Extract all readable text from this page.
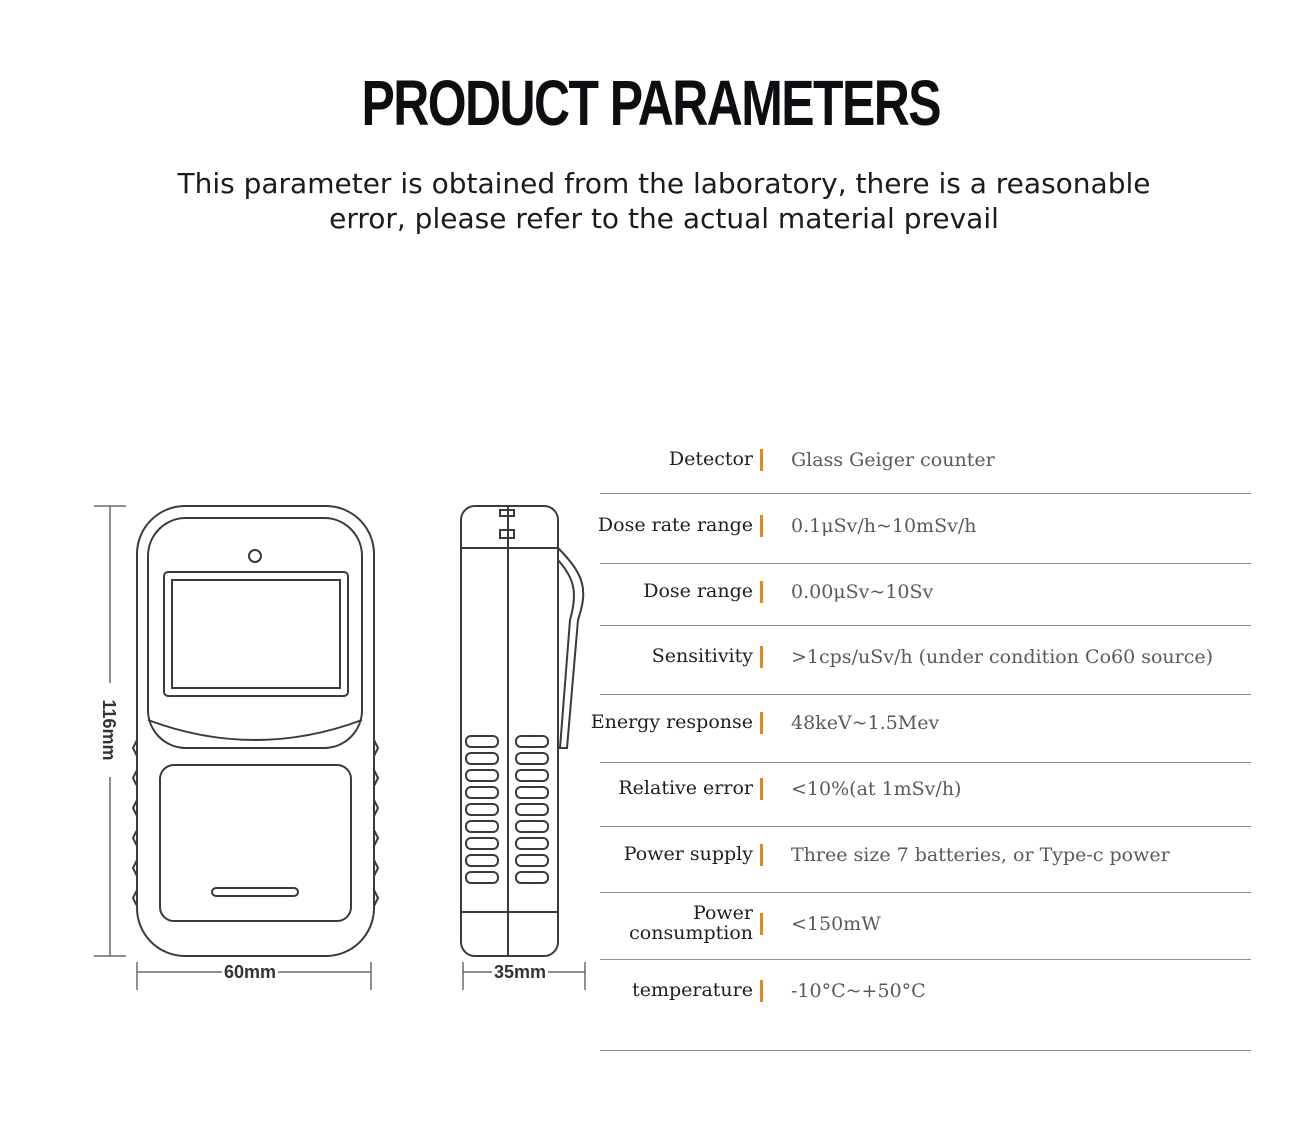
PRODUCT PARAMETERS
This parameter is obtained from the laboratory, there is a reasonable error, please refer to the actual material prevail
116mm
60mm	35mm
Detector Glass Geiger counter
Dose rate range 0.1μSv/h~10mSv/h
Dose range 0.00μSv~10Sv
Sensitivity >1cps/uSv/h (under condition Co60 source)
Energy response 48keV~1.5Mev
Relative error <10%(at 1mSv/h)
Power supply Three size 7 batteries, or Type-c power
Power consumption <150mW
temperature -10°C~+50°C
